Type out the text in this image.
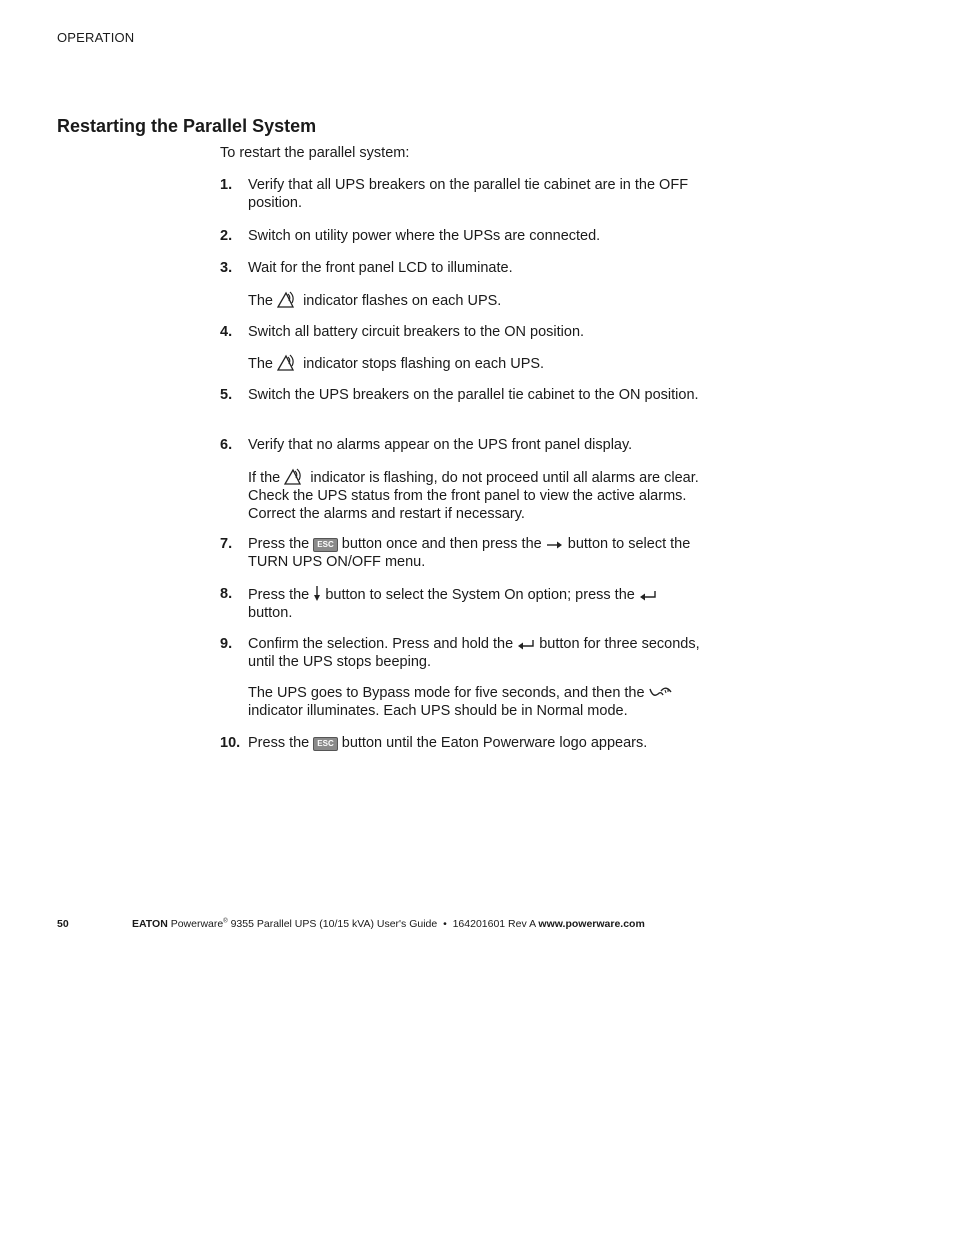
OPERATION
Restarting the Parallel System
To restart the parallel system:
1. Verify that all UPS breakers on the parallel tie cabinet are in the OFF position.
2. Switch on utility power where the UPSs are connected.
3. Wait for the front panel LCD to illuminate.
The indicator flashes on each UPS.
4. Switch all battery circuit breakers to the ON position.
The indicator stops flashing on each UPS.
5. Switch the UPS breakers on the parallel tie cabinet to the ON position.
6. Verify that no alarms appear on the UPS front panel display.
If the indicator is flashing, do not proceed until all alarms are clear. Check the UPS status from the front panel to view the active alarms. Correct the alarms and restart if necessary.
7. Press the ESC button once and then press the button to select the TURN UPS ON/OFF menu.
8. Press the button to select the System On option; press the
button.
9. Confirm the selection. Press and hold the button for three seconds, until the UPS stops beeping.
The UPS goes to Bypass mode for five seconds, and then the
indicator illuminates. Each UPS should be in Normal mode.
10. Press the ESC button until the Eaton Powerware logo appears.
50	EATON Powerware® 9355 Parallel UPS (10/15 kVA) User's Guide  •  164201601 Rev A www.powerware.com
